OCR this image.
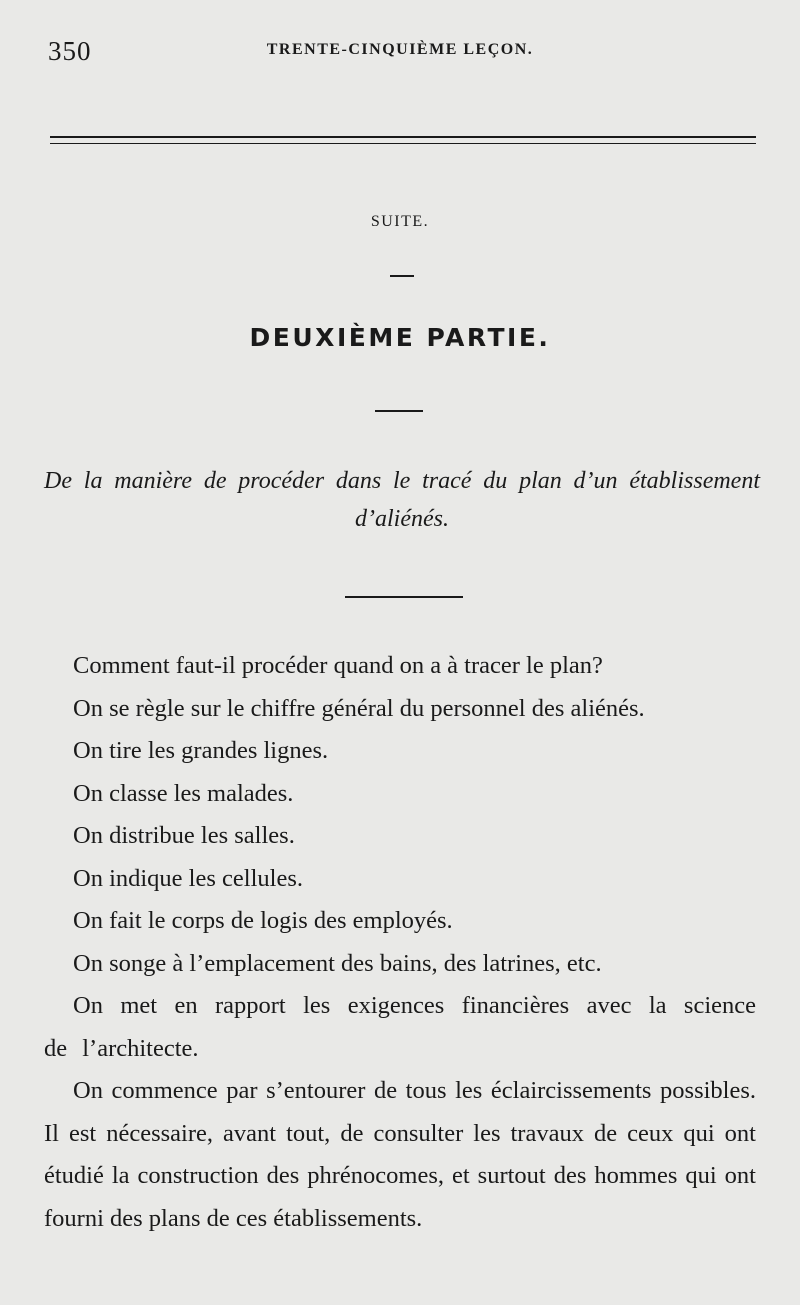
350	TRENTE-CINQUIÈME LEÇON.
SUITE.
DEUXIÈME PARTIE.
De la manière de procéder dans le tracé du plan d’un établissement d’aliénés.

Comment faut-il procéder quand on a à tracer le plan?

On se règle sur le chiffre général du personnel des aliénés.

On tire les grandes lignes.

On classe les malades.

On distribue les salles.

On indique les cellules.

On fait le corps de logis des employés.

On songe à l’emplacement des bains, des latrines, etc.

On met en rapport les exigences financières avec la science de l’architecte.

On commence par s’entourer de tous les éclaircissements possibles. Il est nécessaire, avant tout, de consulter les travaux de ceux qui ont étudié la construction des phrénocomes, et surtout des hommes qui ont fourni des plans de ces établissements.
